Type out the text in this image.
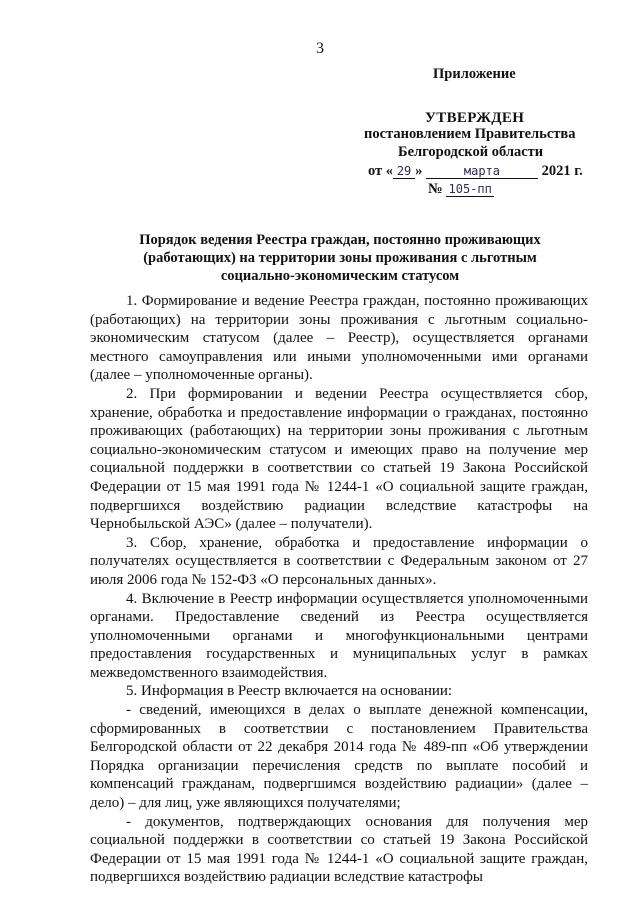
3
Приложение
УТВЕРЖДЕН
постановлением Правительства
Белгородской области
от « 29 »	марта	2021 г.
№ 105-пп
Порядок ведения Реестра граждан, постоянно проживающих (работающих) на территории зоны проживания с льготным социально-экономическим статусом

1. Формирование и ведение Реестра граждан, постоянно проживающих (работающих) на территории зоны проживания с льготным социально-экономическим статусом (далее – Реестр), осуществляется органами местного самоуправления или иными уполномоченными ими органами (далее – уполномоченные органы).

2. При формировании и ведении Реестра осуществляется сбор, хранение, обработка и предоставление информации о гражданах, постоянно проживающих (работающих) на территории зоны проживания с льготным социально-экономическим статусом и имеющих право на получение мер социальной поддержки в соответствии со статьей 19 Закона Российской Федерации от 15 мая 1991 года № 1244-1 «О социальной защите граждан, подвергшихся воздействию радиации вследствие катастрофы на Чернобыльской АЭС» (далее – получатели).

3. Сбор, хранение, обработка и предоставление информации о получателях осуществляется в соответствии с Федеральным законом от 27 июля 2006 года № 152-ФЗ «О персональных данных».

4. Включение в Реестр информации осуществляется уполномоченными органами. Предоставление сведений из Реестра осуществляется уполномоченными органами и многофункциональными центрами предоставления государственных и муниципальных услуг в рамках межведомственного взаимодействия.

5. Информация в Реестр включается на основании:

- сведений, имеющихся в делах о выплате денежной компенсации, сформированных в соответствии с постановлением Правительства Белгородской области от 22 декабря 2014 года № 489-пп «Об утверждении Порядка организации перечисления средств по выплате пособий и компенсаций гражданам, подвергшимся воздействию радиации» (далее – дело) – для лиц, уже являющихся получателями;

- документов, подтверждающих основания для получения мер социальной поддержки в соответствии со статьей 19 Закона Российской Федерации от 15 мая 1991 года № 1244-1 «О социальной защите граждан, подвергшихся воздействию радиации вследствие катастрофы
